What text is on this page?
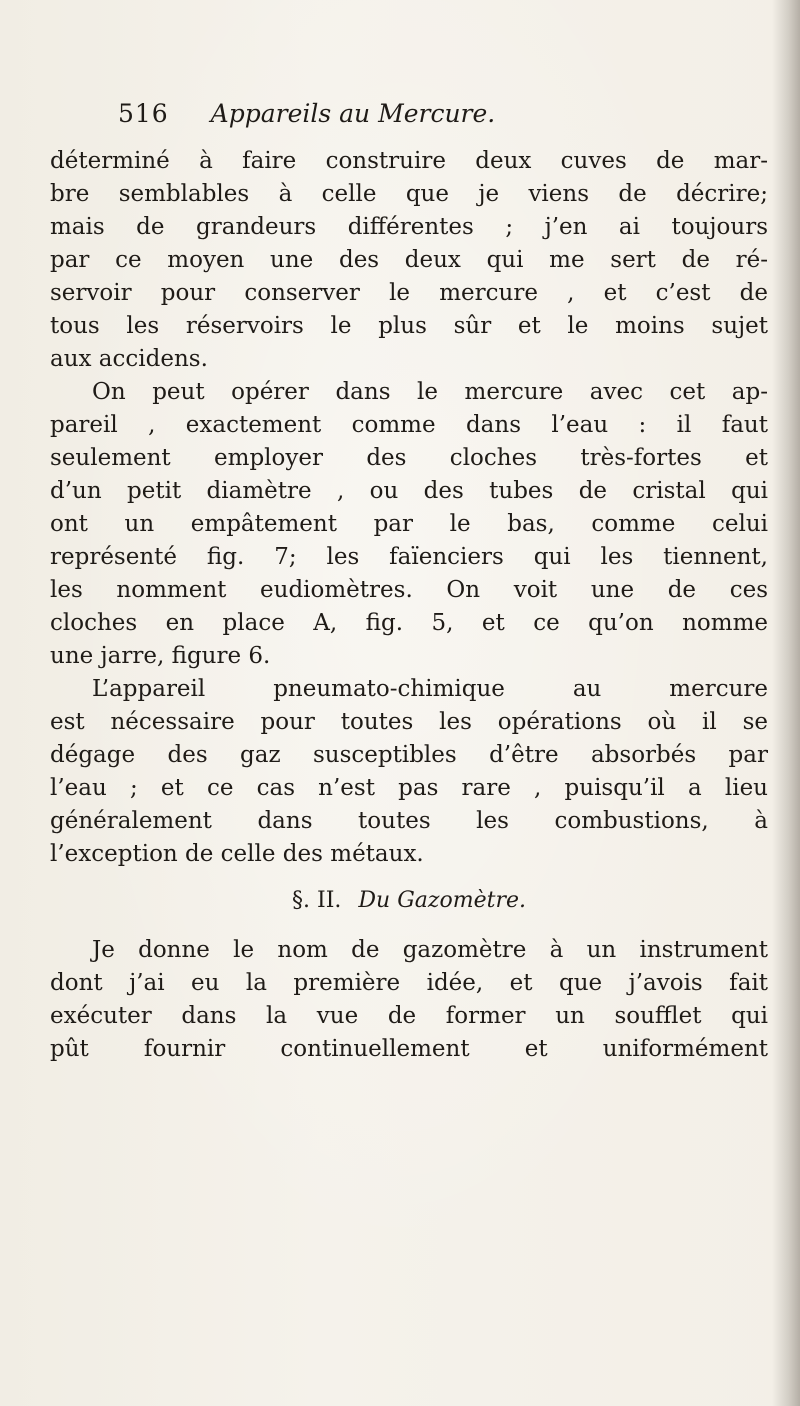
516 Appareils au Mercure.
déterminé à faire construire deux cuves de mar-
bre semblables à celle que je viens de décrire;
mais de grandeurs différentes ; j’en ai toujours
par ce moyen une des deux qui me sert de ré-
servoir pour conserver le mercure , et c’est de
tous les réservoirs le plus sûr et le moins sujet
aux accidens.
On peut opérer dans le mercure avec cet ap-
pareil , exactement comme dans l’eau : il faut
seulement employer des cloches très-fortes et
d’un petit diamètre , ou des tubes de cristal qui
ont un empâtement par le bas, comme celui
représenté fig. 7; les faïenciers qui les tiennent,
les nomment eudiomètres. On voit une de ces
cloches en place A, fig. 5, et ce qu’on nomme
une jarre, figure 6.
L’appareil pneumato-chimique au mercure
est nécessaire pour toutes les opérations où il se
dégage des gaz susceptibles d’être absorbés par
l’eau ; et ce cas n’est pas rare , puisqu’il a lieu
généralement dans toutes les combustions, à
l’exception de celle des métaux.
§. II. Du Gazomètre.
Je donne le nom de gazomètre à un instrument
dont j’ai eu la première idée, et que j’avois fait
exécuter dans la vue de former un soufflet qui
pût fournir continuellement et uniformément
